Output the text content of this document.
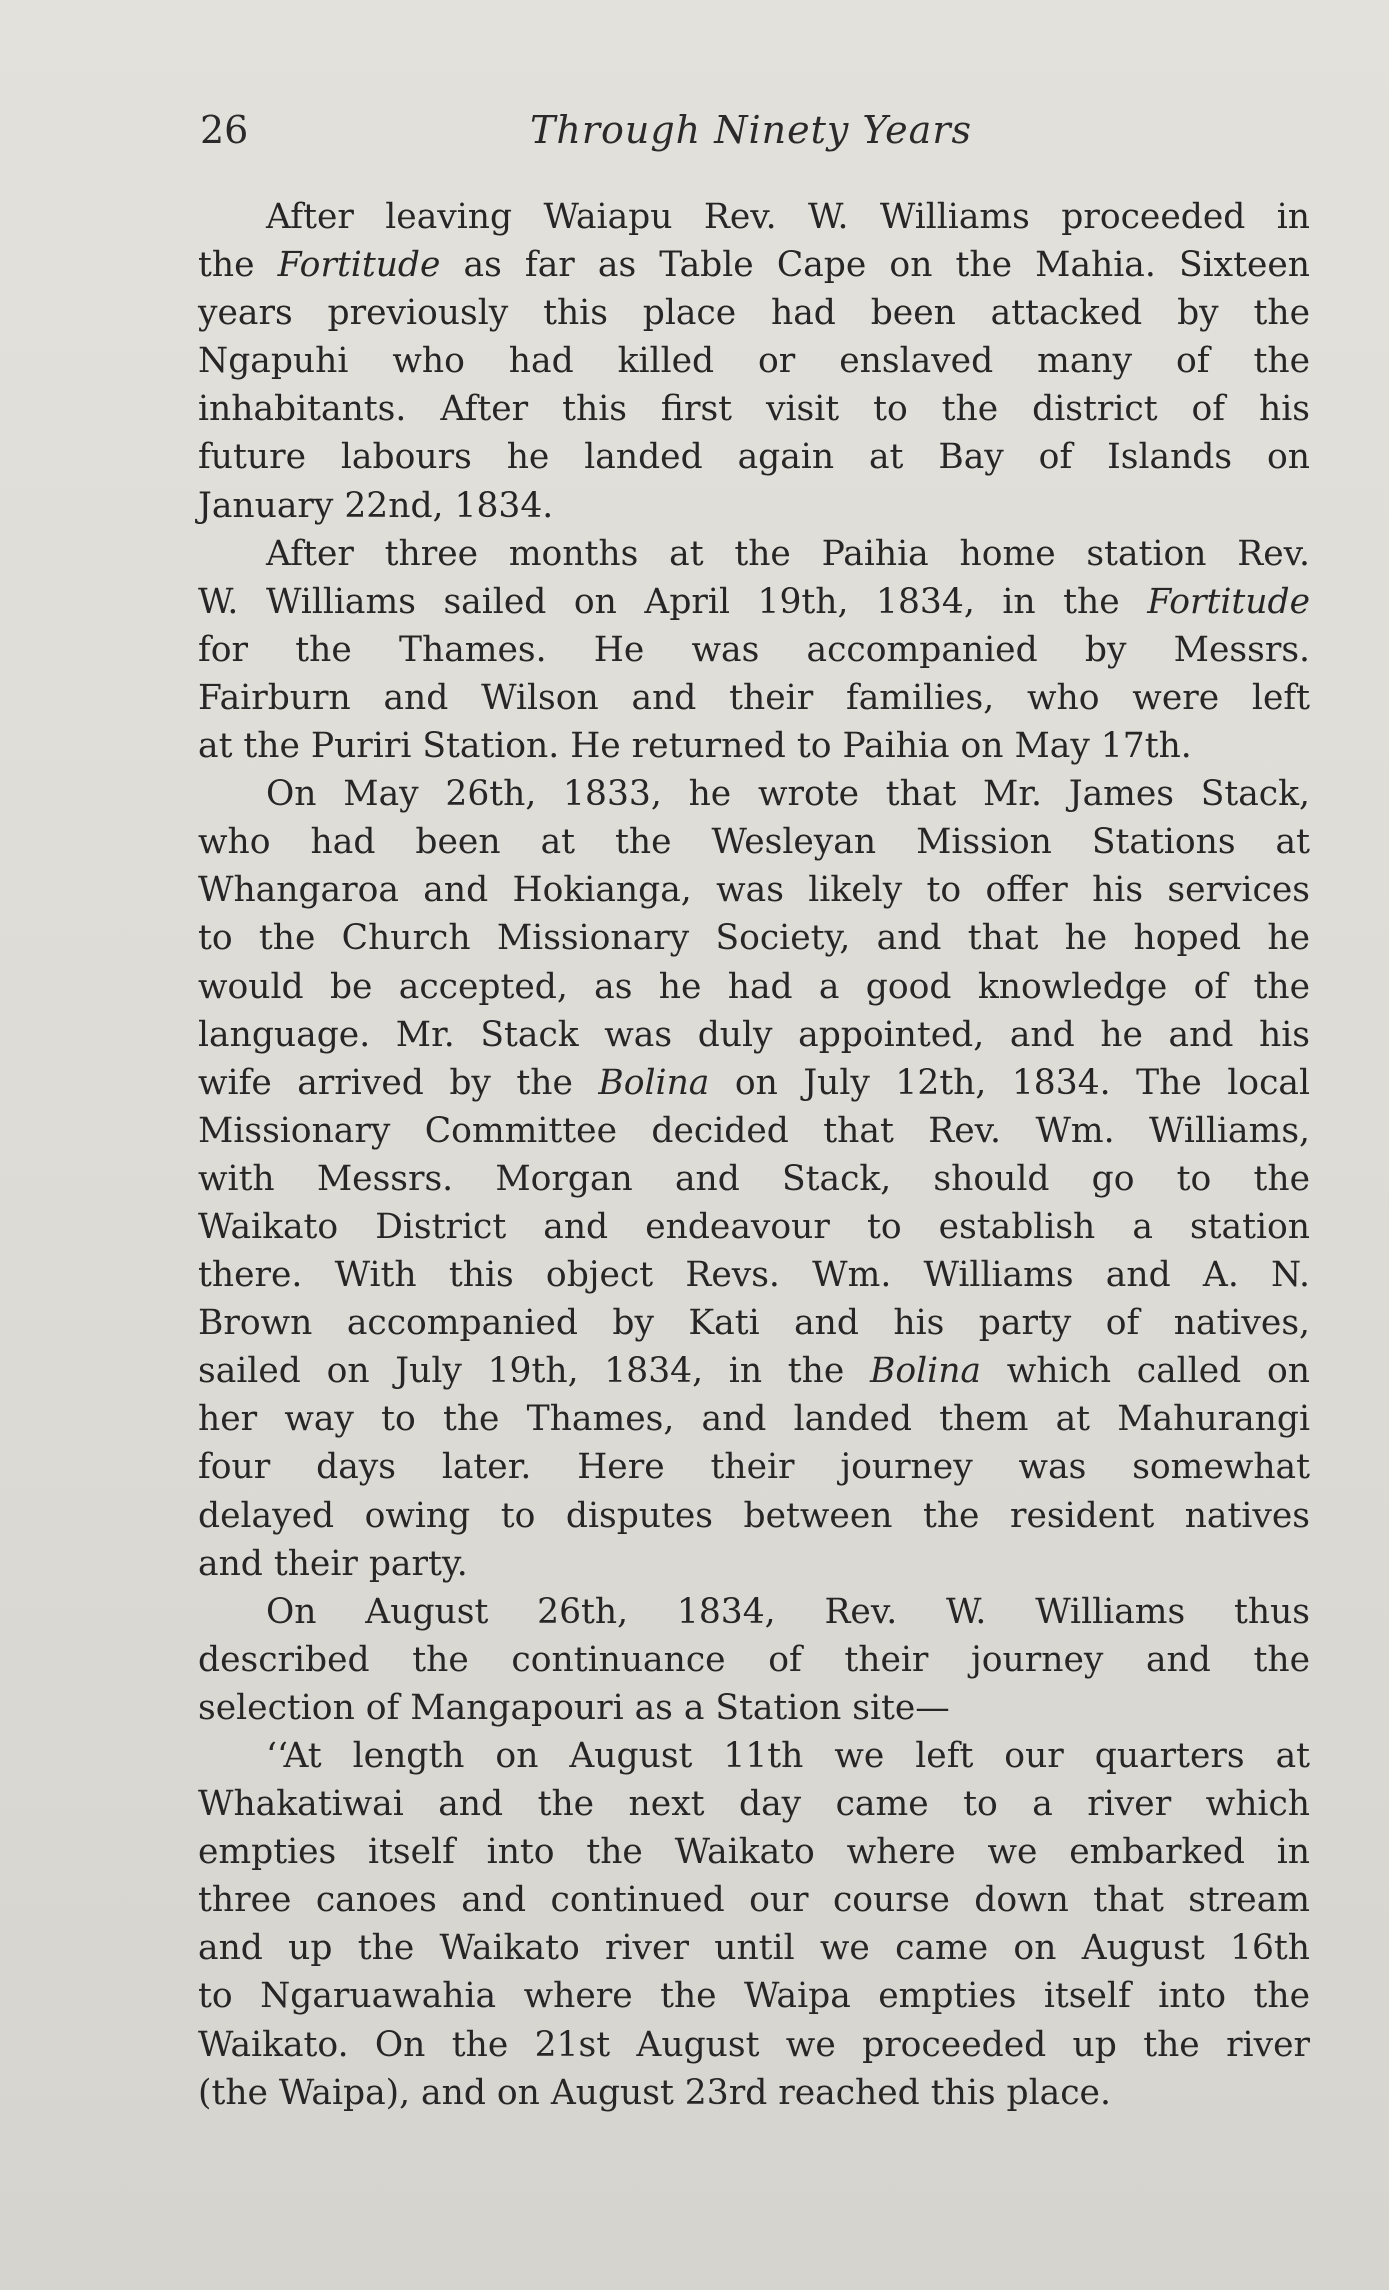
26	Through Ninety Years
After leaving Waiapu Rev. W. Williams proceeded in
the Fortitude as far as Table Cape on the Mahia. Sixteen
years previously this place had been attacked by the
Ngapuhi who had killed or enslaved many of the
inhabitants. After this first visit to the district of his
future labours he landed again at Bay of Islands on
January 22nd, 1834.
After three months at the Paihia home station Rev.
W. Williams sailed on April 19th, 1834, in the Fortitude
for the Thames. He was accompanied by Messrs.
Fairburn and Wilson and their families, who were left
at the Puriri Station. He returned to Paihia on May 17th.
On May 26th, 1833, he wrote that Mr. James Stack,
who had been at the Wesleyan Mission Stations at
Whangaroa and Hokianga, was likely to offer his services
to the Church Missionary Society, and that he hoped he
would be accepted, as he had a good knowledge of the
language. Mr. Stack was duly appointed, and he and his
wife arrived by the Bolina on July 12th, 1834. The local
Missionary Committee decided that Rev. Wm. Williams,
with Messrs. Morgan and Stack, should go to the
Waikato District and endeavour to establish a station
there. With this object Revs. Wm. Williams and A. N.
Brown accompanied by Kati and his party of natives,
sailed on July 19th, 1834, in the Bolina which called on
her way to the Thames, and landed them at Mahurangi
four days later. Here their journey was somewhat
delayed owing to disputes between the resident natives
and their party.
On August 26th, 1834, Rev. W. Williams thus
described the continuance of their journey and the
selection of Mangapouri as a Station site—
‘‘At length on August 11th we left our quarters at
Whakatiwai and the next day came to a river which
empties itself into the Waikato where we embarked in
three canoes and continued our course down that stream
and up the Waikato river until we came on August 16th
to Ngaruawahia where the Waipa empties itself into the
Waikato. On the 21st August we proceeded up the river
(the Waipa), and on August 23rd reached this place.
